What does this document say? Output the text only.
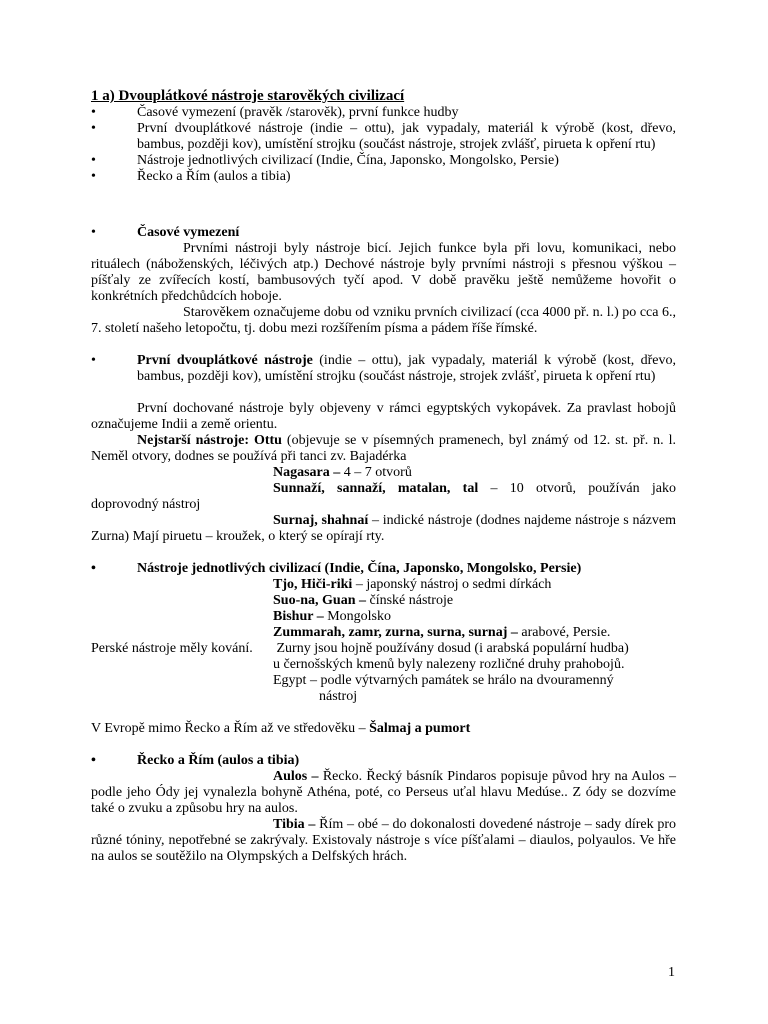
1 a) Dvouplátkové nástroje starověkých civilizací
•	Časové vymezení (pravěk /starověk), první funkce hudby
•	První dvouplátkové nástroje (indie – ottu), jak vypadaly, materiál k výrobě (kost, dřevo, bambus, později kov), umístění strojku (součást nástroje, strojek zvlášť, pirueta k opření rtu)
•	Nástroje jednotlivých civilizací (Indie, Čína, Japonsko, Mongolsko, Persie)
•	Řecko a Řím (aulos a tibia)
•	Časové vymezení
Prvními nástroji byly nástroje bicí. Jejich funkce byla při lovu, komunikaci, nebo rituálech (náboženských, léčivých atp.) Dechové nástroje byly prvními nástroji s přesnou výškou – píšťaly ze zvířecích kostí, bambusových tyčí apod. V době pravěku ještě nemůžeme hovořit o konkrétních předchůdcích hoboje.
Starověkem označujeme dobu od vzniku prvních civilizací (cca 4000 př. n. l.) po cca 6., 7. století našeho letopočtu, tj. dobu mezi rozšířením písma a pádem říše římské.
•	První dvouplátkové nástroje (indie – ottu), jak vypadaly, materiál k výrobě (kost, dřevo, bambus, později kov), umístění strojku (součást nástroje, strojek zvlášť, pirueta k opření rtu)
První dochované nástroje byly objeveny v rámci egyptských vykopávek. Za pravlast hobojů označujeme Indii a země orientu.
Nejstarší nástroje: Ottu (objevuje se v písemných pramenech, byl známý od 12. st. př. n. l. Neměl otvory, dodnes se používá při tanci zv. Bajadérka
Nagasara – 4 – 7 otvorů
Sunnaží, sannaží, matalan, tal – 10 otvorů, používán jako doprovodný nástroj
Surnaj, shahnaí – indické nástroje (dodnes najdeme nástroje s názvem Zurna) Mají piruetu – kroužek, o který se opírají rty.
•	Nástroje jednotlivých civilizací (Indie, Čína, Japonsko, Mongolsko, Persie)
Tjo, Hiči-riki – japonský nástroj o sedmi dírkách
Suo-na, Guan – čínské nástroje
Bishur – Mongolsko
Zummarah, zamr, zurna, surna, surnaj – arabové, Persie.
Perské nástroje měly kování. Zurny jsou hojně používány dosud (i arabská populární hudba)
u černošských kmenů byly nalezeny rozličné druhy prahobojů.
Egypt – podle výtvarných památek se hrálo na dvouramenný
nástroj
V Evropě mimo Řecko a Řím až ve středověku – Šalmaj a pumort
•	Řecko a Řím (aulos a tibia)
Aulos – Řecko. Řecký básník Pindaros popisuje původ hry na Aulos – podle jeho Ódy jej vynalezla bohyně Athéna, poté, co Perseus uťal hlavu Medúse.. Z ódy se dozvíme také o zvuku a způsobu hry na aulos.
Tibia – Řím – obé – do dokonalosti dovedené nástroje – sady dírek pro různé tóniny, nepotřebné se zakrývaly. Existovaly nástroje s více píšťalami – diaulos, polyaulos. Ve hře na aulos se soutěžilo na Olympských a Delfských hrách.
1
